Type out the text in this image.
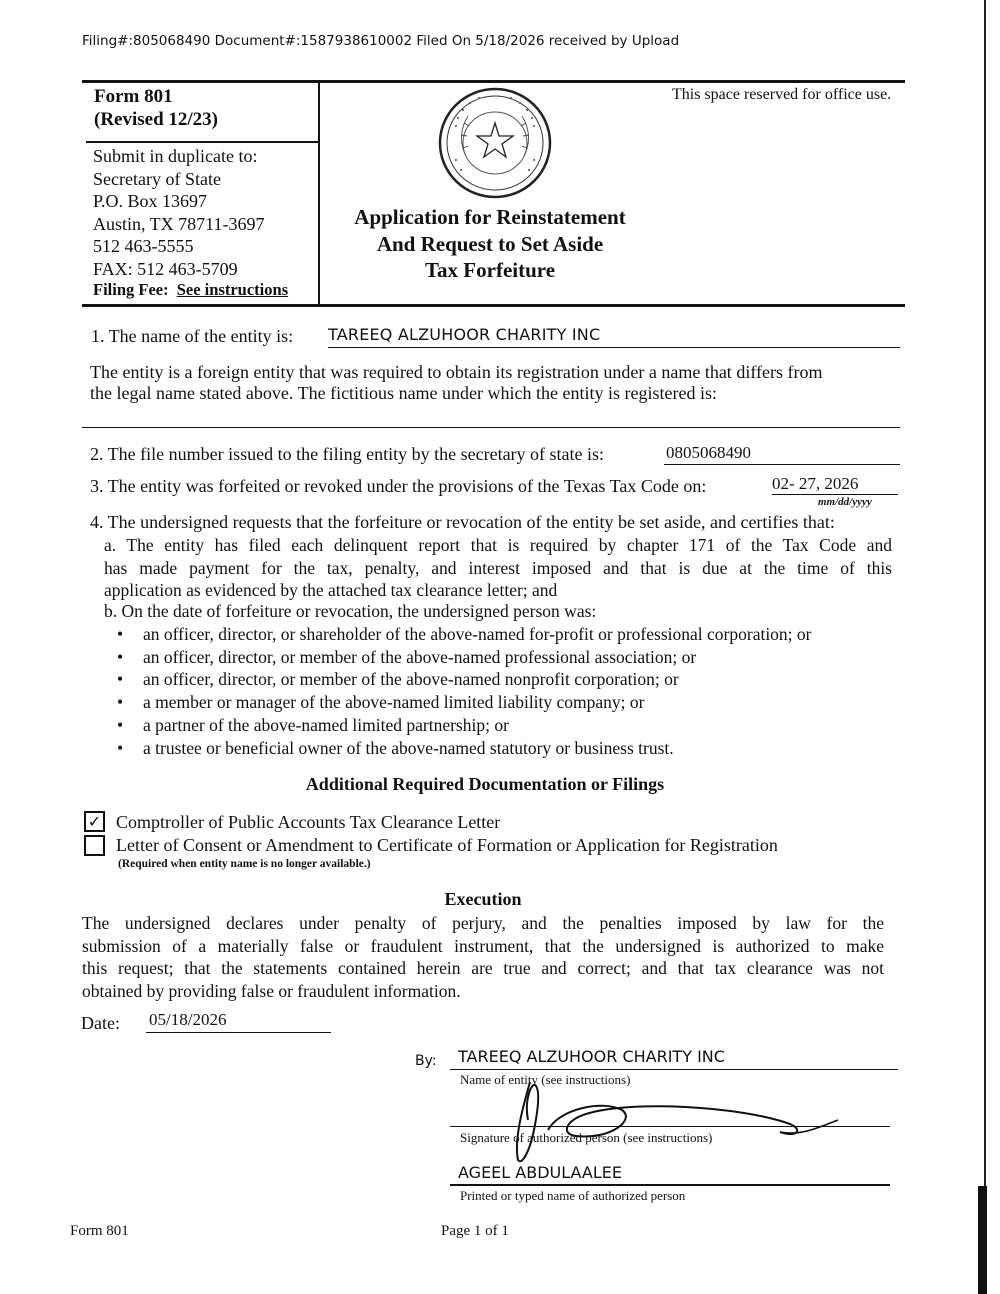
Filing#:805068490 Document#:1587938610002 Filed On 5/18/2026 received by Upload
Form 801
(Revised 12/23)
Submit in duplicate to:
Secretary of State
P.O. Box 13697
Austin, TX 78711-3697
512 463-5555
FAX: 512 463-5709
Filing Fee: See instructions
Application for Reinstatement
And Request to Set Aside
Tax Forfeiture
This space reserved for office use.
1. The name of the entity is: TAREEQ ALZUHOOR CHARITY INC
The entity is a foreign entity that was required to obtain its registration under a name that differs from
the legal name stated above. The fictitious name under which the entity is registered is:
2. The file number issued to the filing entity by the secretary of state is:	0805068490
3. The entity was forfeited or revoked under the provisions of the Texas Tax Code on:	02- 27, 2026
mm/dd/yyyy
4. The undersigned requests that the forfeiture or revocation of the entity be set aside, and certifies that:
a. The entity has filed each delinquent report that is required by chapter 171 of the Tax Code and
has made payment for the tax, penalty, and interest imposed and that is due at the time of this
application as evidenced by the attached tax clearance letter; and
b. On the date of forfeiture or revocation, the undersigned person was:
• an officer, director, or shareholder of the above-named for-profit or professional corporation; or
• an officer, director, or member of the above-named professional association; or
• an officer, director, or member of the above-named nonprofit corporation; or
• a member or manager of the above-named limited liability company; or
• a partner of the above-named limited partnership; or
• a trustee or beneficial owner of the above-named statutory or business trust.
Additional Required Documentation or Filings
✓ Comptroller of Public Accounts Tax Clearance Letter
Letter of Consent or Amendment to Certificate of Formation or Application for Registration
(Required when entity name is no longer available.)
Execution
The undersigned declares under penalty of perjury, and the penalties imposed by law for the
submission of a materially false or fraudulent instrument, that the undersigned is authorized to make
this request; that the statements contained herein are true and correct; and that tax clearance was not
obtained by providing false or fraudulent information.
Date: 05/18/2026
By:	TAREEQ ALZUHOOR CHARITY INC
Name of entity (see instructions)
Signature of authorized person (see instructions)
AGEEL ABDULAALEE
Printed or typed name of authorized person
Form 801	Page 1 of 1
